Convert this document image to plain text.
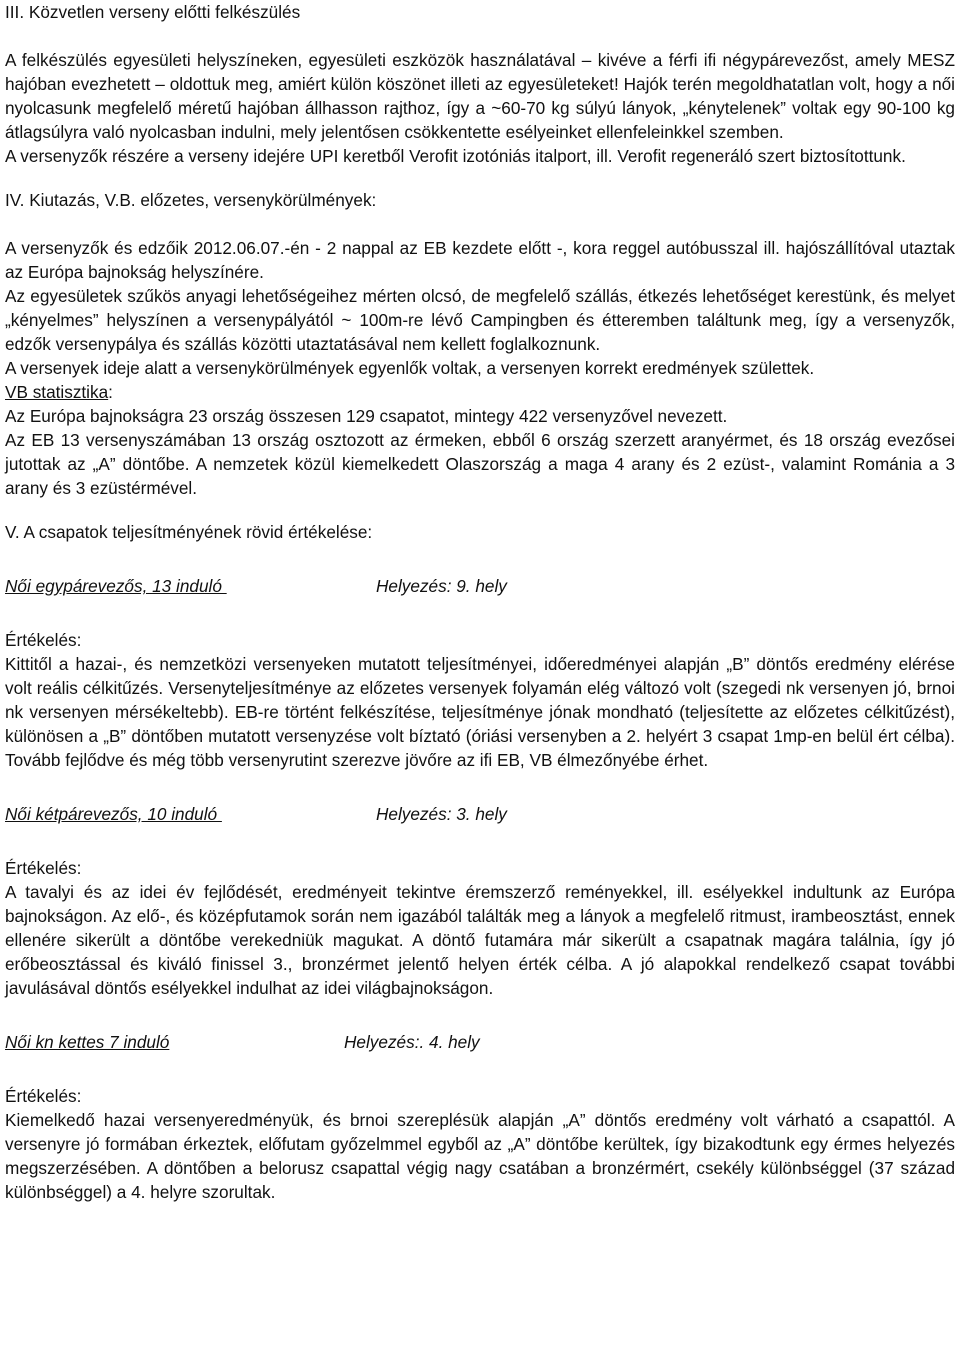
III. Közvetlen verseny előtti felkészülés

A felkészülés egyesületi helyszíneken, egyesületi eszközök használatával – kivéve a férfi ifi négypárevezőst, amely MESZ hajóban evezhetett – oldottuk meg, amiért külön köszönet illeti az egyesületeket! Hajók terén megoldhatatlan volt, hogy a női nyolcasunk megfelelő méretű hajóban állhasson rajthoz, így a ~60-70 kg súlyú lányok, „kénytelenek” voltak egy 90-100 kg átlagsúlyra való nyolcasban indulni, mely jelentősen csökkentette esélyeinket ellenfeleinkkel szemben.

A versenyzők részére a verseny idejére UPI keretből Verofit izotóniás italport, ill. Verofit regeneráló szert biztosítottunk.

IV. Kiutazás, V.B. előzetes, versenykörülmények:

A versenyzők és edzőik 2012.06.07.-én - 2 nappal az EB kezdete előtt -, kora reggel autóbusszal ill. hajószállítóval utaztak az Európa bajnokság helyszínére.

Az egyesületek szűkös anyagi lehetőségeihez mérten olcsó, de megfelelő szállás, étkezés lehetőséget kerestünk, és melyet „kényelmes” helyszínen a versenypályától ~ 100m-re lévő Campingben és étteremben találtunk meg, így a versenyzők, edzők versenypálya és szállás közötti utaztatásával nem kellett foglalkoznunk.

A versenyek ideje alatt a versenykörülmények egyenlők voltak, a versenyen korrekt eredmények születtek.

VB statisztika:

Az Európa bajnokságra 23 ország összesen 129 csapatot, mintegy 422 versenyzővel nevezett.

Az EB 13 versenyszámában 13 ország osztozott az érmeken, ebből 6 ország szerzett aranyérmet, és 18 ország evezősei jutottak az „A” döntőbe. A nemzetek közül kiemelkedett Olaszország a maga 4 arany és 2 ezüst-, valamint Románia a 3 arany és 3 ezüstérmével.

V. A csapatok teljesítményének rövid értékelése:

Női egypárevezős, 13 induló	Helyezés: 9. hely

Értékelés:

Kittitől a hazai-, és nemzetközi versenyeken mutatott teljesítményei, időeredményei alapján „B” döntős eredmény elérése volt reális célkitűzés. Versenyteljesítménye az előzetes versenyek folyamán elég változó volt (szegedi nk versenyen jó, brnoi nk versenyen mérsékeltebb). EB-re történt felkészítése, teljesítménye jónak mondható (teljesítette az előzetes célkitűzést), különösen a „B” döntőben mutatott versenyzése volt bíztató (óriási versenyben a 2. helyért 3 csapat 1mp-en belül ért célba). Tovább fejlődve és még több versenyrutint szerezve jövőre az ifi EB, VB élmezőnyébe érhet.

Női kétpárevezős, 10 induló	Helyezés: 3. hely

Értékelés:

A tavalyi és az idei év fejlődését, eredményeit tekintve éremszerző reményekkel, ill. esélyekkel indultunk az Európa bajnokságon. Az elő-, és középfutamok során nem igazából találták meg a lányok a megfelelő ritmust, irambeosztást, ennek ellenére sikerült a döntőbe verekedniük magukat. A döntő futamára már sikerült a csapatnak magára találnia, így jó erőbeosztással és kiváló finissel 3., bronzérmet jelentő helyen érték célba. A jó alapokkal rendelkező csapat további javulásával döntős esélyekkel indulhat az idei világbajnokságon.

Női kn kettes 7 induló	Helyezés:. 4. hely

Értékelés:

Kiemelkedő hazai versenyeredményük, és brnoi szereplésük alapján „A” döntős eredmény volt várható a csapattól. A versenyre jó formában érkeztek, előfutam győzelmmel egyből az „A” döntőbe kerültek, így bizakodtunk egy érmes helyezés megszerzésében. A döntőben a belorusz csapattal végig nagy csatában a bronzérmért, csekély különbséggel (37 század különbséggel) a 4. helyre szorultak.
